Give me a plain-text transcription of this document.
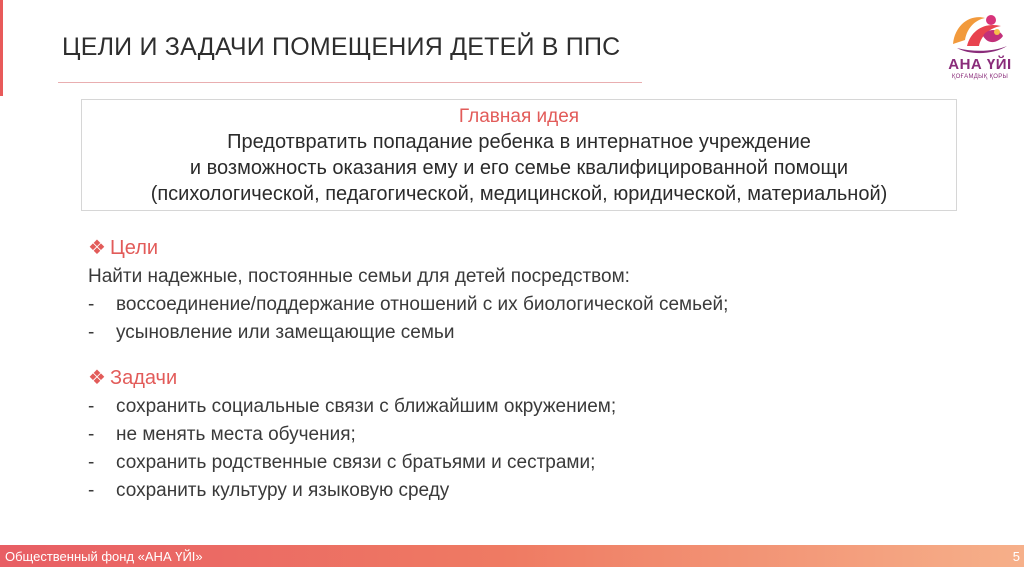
ЦЕЛИ И ЗАДАЧИ ПОМЕЩЕНИЯ ДЕТЕЙ В ППС
АНА ҮЙІ
ҚОҒАМДЫҚ ҚОРЫ
Главная идея
Предотвратить попадание ребенка в интернатное учреждение
и возможность оказания ему и его семье квалифицированной помощи
(психологической, педагогической, медицинской, юридической, материальной)
❖ Цели
Найти надежные, постоянные семьи для детей посредством:
- воссоединение/поддержание отношений с их биологической семьей;
- усыновление или замещающие семьи
❖ Задачи
- сохранить социальные связи с ближайшим окружением;
- не менять места обучения;
- сохранить родственные связи с братьями и сестрами;
- сохранить культуру и языковую среду
Общественный фонд «АНА ҮЙІ»	5
